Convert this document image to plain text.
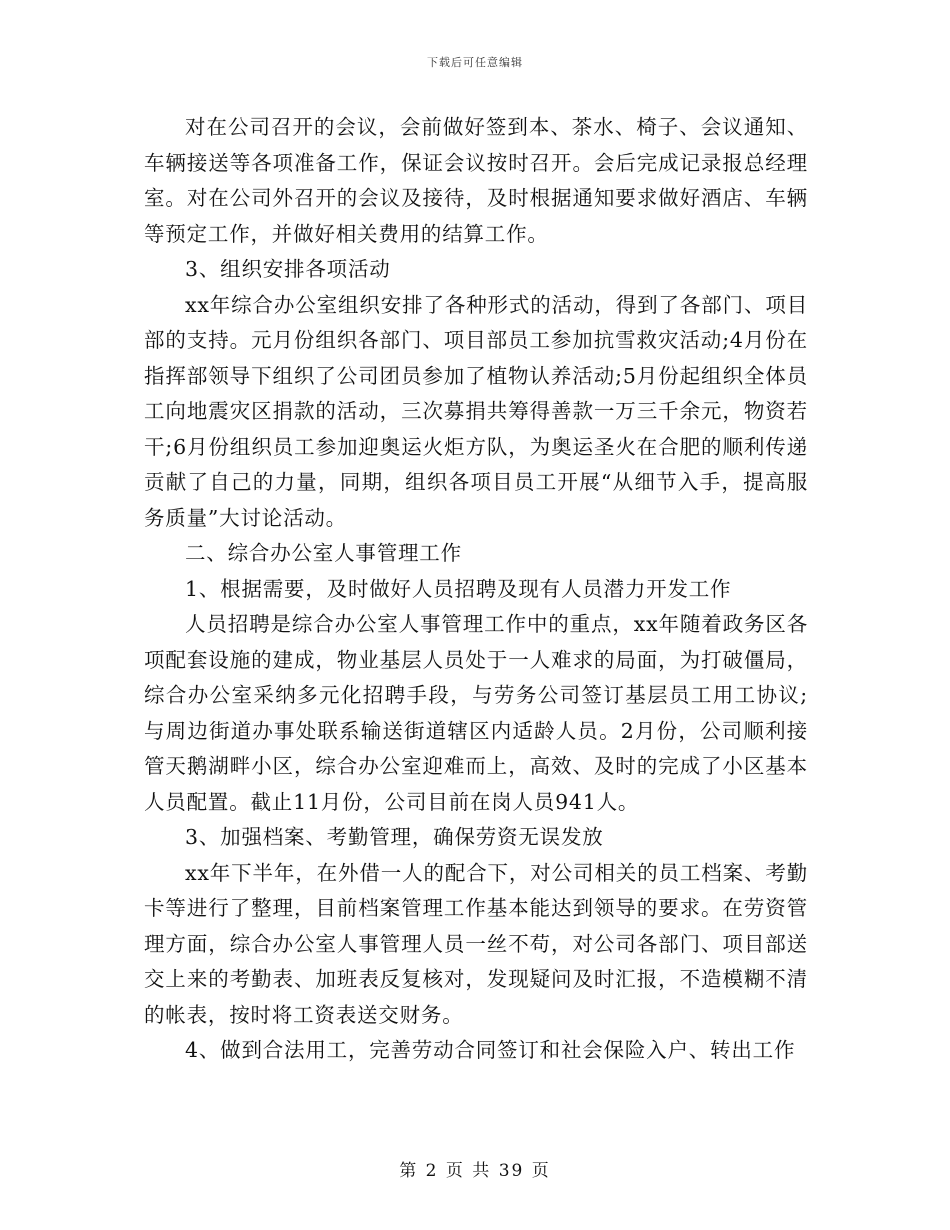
下载后可任意编辑

对在公司召开的会议，会前做好签到本、茶水、椅子、会议通知、车辆接送等各项准备工作，保证会议按时召开。会后完成记录报总经理室。对在公司外召开的会议及接待，及时根据通知要求做好酒店、车辆等预定工作，并做好相关费用的结算工作。

3、组织安排各项活动

xx年综合办公室组织安排了各种形式的活动，得到了各部门、项目部的支持。元月份组织各部门、项目部员工参加抗雪救灾活动;4月份在指挥部领导下组织了公司团员参加了植物认养活动;5月份起组织全体员工向地震灾区捐款的活动，三次募捐共筹得善款一万三千余元，物资若干;6月份组织员工参加迎奥运火炬方队，为奥运圣火在合肥的顺利传递贡献了自己的力量，同期，组织各项目员工开展“从细节入手，提高服务质量”大讨论活动。

二、综合办公室人事管理工作

1、根据需要，及时做好人员招聘及现有人员潜力开发工作

人员招聘是综合办公室人事管理工作中的重点，xx年随着政务区各项配套设施的建成，物业基层人员处于一人难求的局面，为打破僵局，综合办公室采纳多元化招聘手段，与劳务公司签订基层员工用工协议;与周边街道办事处联系输送街道辖区内适龄人员。2月份，公司顺利接管天鹅湖畔小区，综合办公室迎难而上，高效、及时的完成了小区基本人员配置。截止11月份，公司目前在岗人员941人。

3、加强档案、考勤管理，确保劳资无误发放

xx年下半年，在外借一人的配合下，对公司相关的员工档案、考勤卡等进行了整理，目前档案管理工作基本能达到领导的要求。在劳资管理方面，综合办公室人事管理人员一丝不苟，对公司各部门、项目部送交上来的考勤表、加班表反复核对，发现疑问及时汇报，不造模糊不清的帐表，按时将工资表送交财务。

4、做到合法用工，完善劳动合同签订和社会保险入户、转出工作

第 2 页 共 39 页
